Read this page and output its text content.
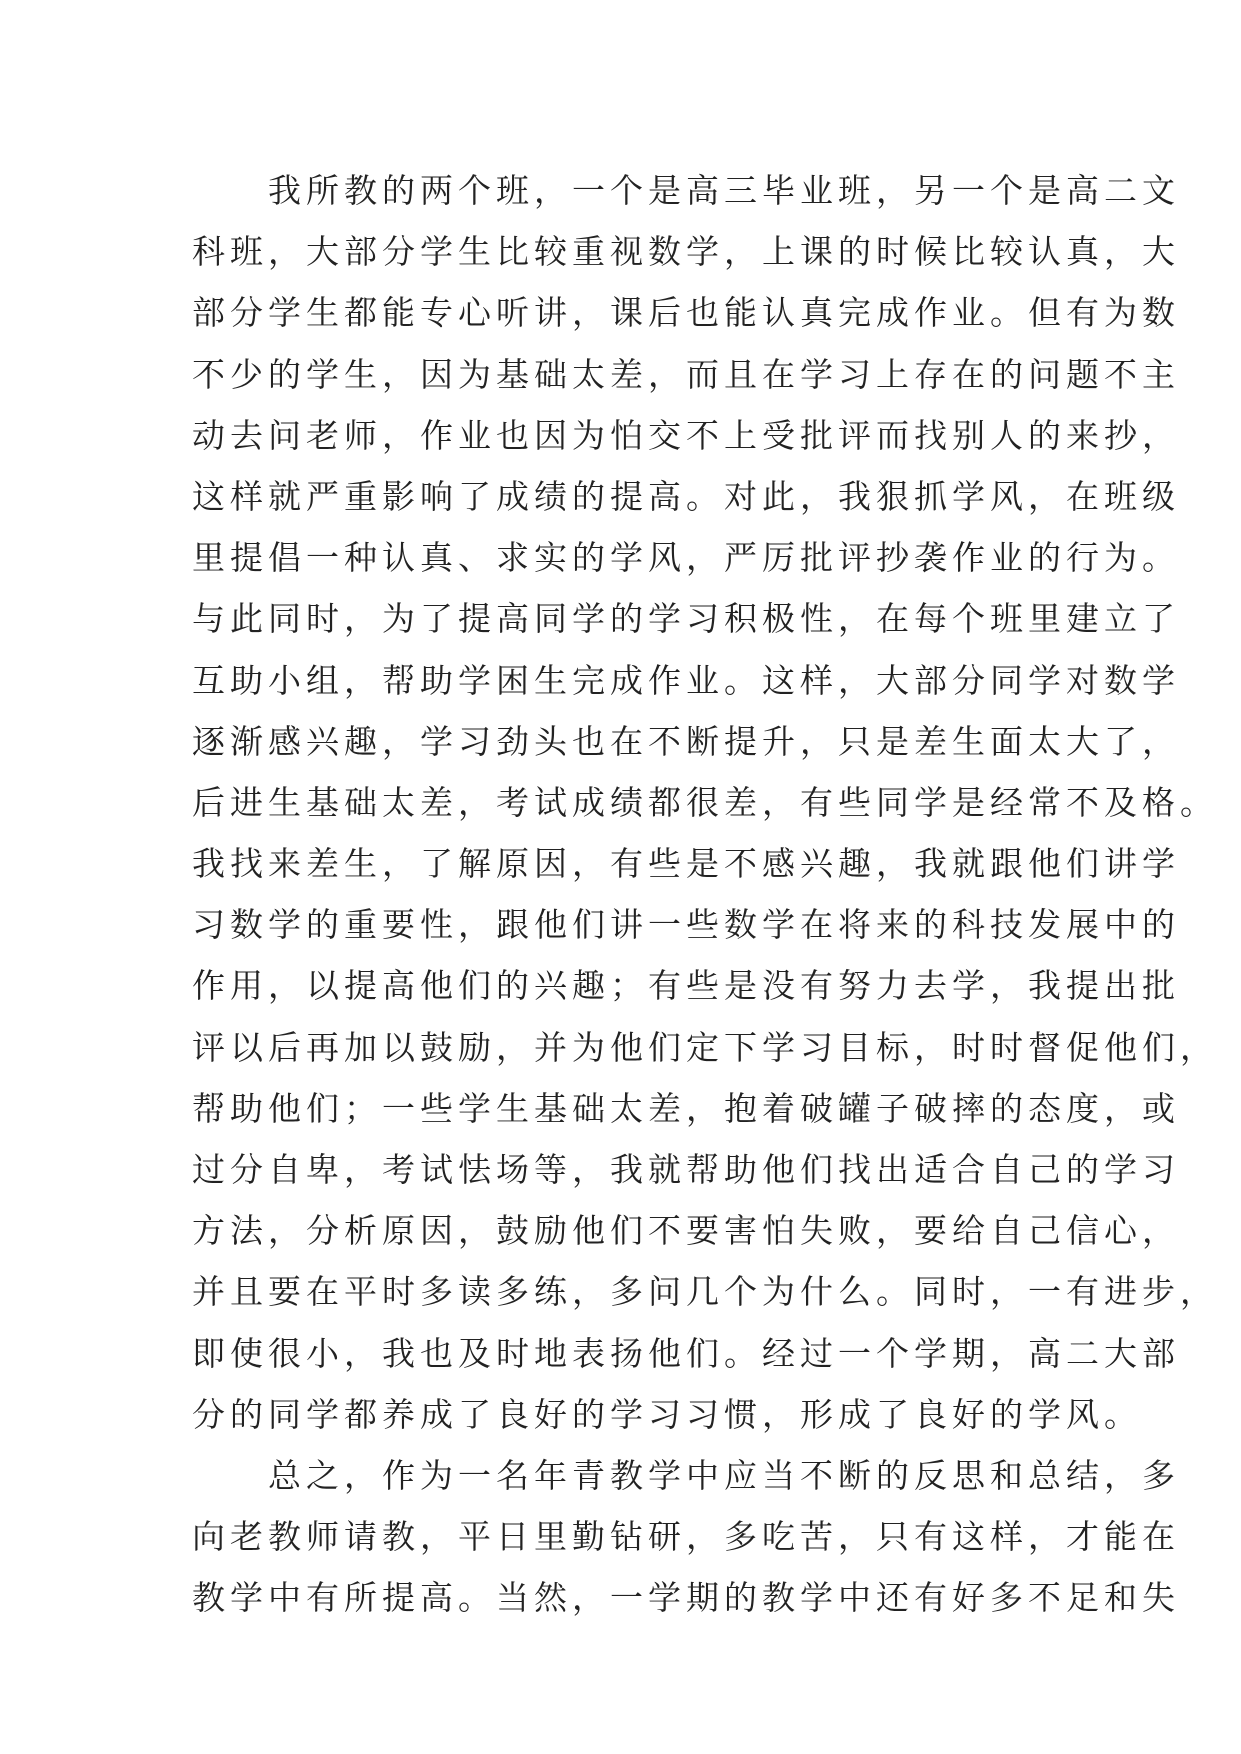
我所教的两个班，一个是高三毕业班，另一个是高二文
科班，大部分学生比较重视数学，上课的时候比较认真，大
部分学生都能专心听讲，课后也能认真完成作业。但有为数
不少的学生，因为基础太差，而且在学习上存在的问题不主
动去问老师，作业也因为怕交不上受批评而找别人的来抄，
这样就严重影响了成绩的提高。对此，我狠抓学风，在班级
里提倡一种认真、求实的学风，严厉批评抄袭作业的行为。
与此同时，为了提高同学的学习积极性，在每个班里建立了
互助小组，帮助学困生完成作业。这样，大部分同学对数学
逐渐感兴趣，学习劲头也在不断提升，只是差生面太大了，
后进生基础太差，考试成绩都很差，有些同学是经常不及格。
我找来差生，了解原因，有些是不感兴趣，我就跟他们讲学
习数学的重要性，跟他们讲一些数学在将来的科技发展中的
作用，以提高他们的兴趣；有些是没有努力去学，我提出批
评以后再加以鼓励，并为他们定下学习目标，时时督促他们，
帮助他们；一些学生基础太差，抱着破罐子破摔的态度，或
过分自卑，考试怯场等，我就帮助他们找出适合自己的学习
方法，分析原因，鼓励他们不要害怕失败，要给自己信心，
并且要在平时多读多练，多问几个为什么。同时，一有进步，
即使很小，我也及时地表扬他们。经过一个学期，高二大部
分的同学都养成了良好的学习习惯，形成了良好的学风。
总之，作为一名年青教学中应当不断的反思和总结，多
向老教师请教，平日里勤钻研，多吃苦，只有这样，才能在
教学中有所提高。当然，一学期的教学中还有好多不足和失
